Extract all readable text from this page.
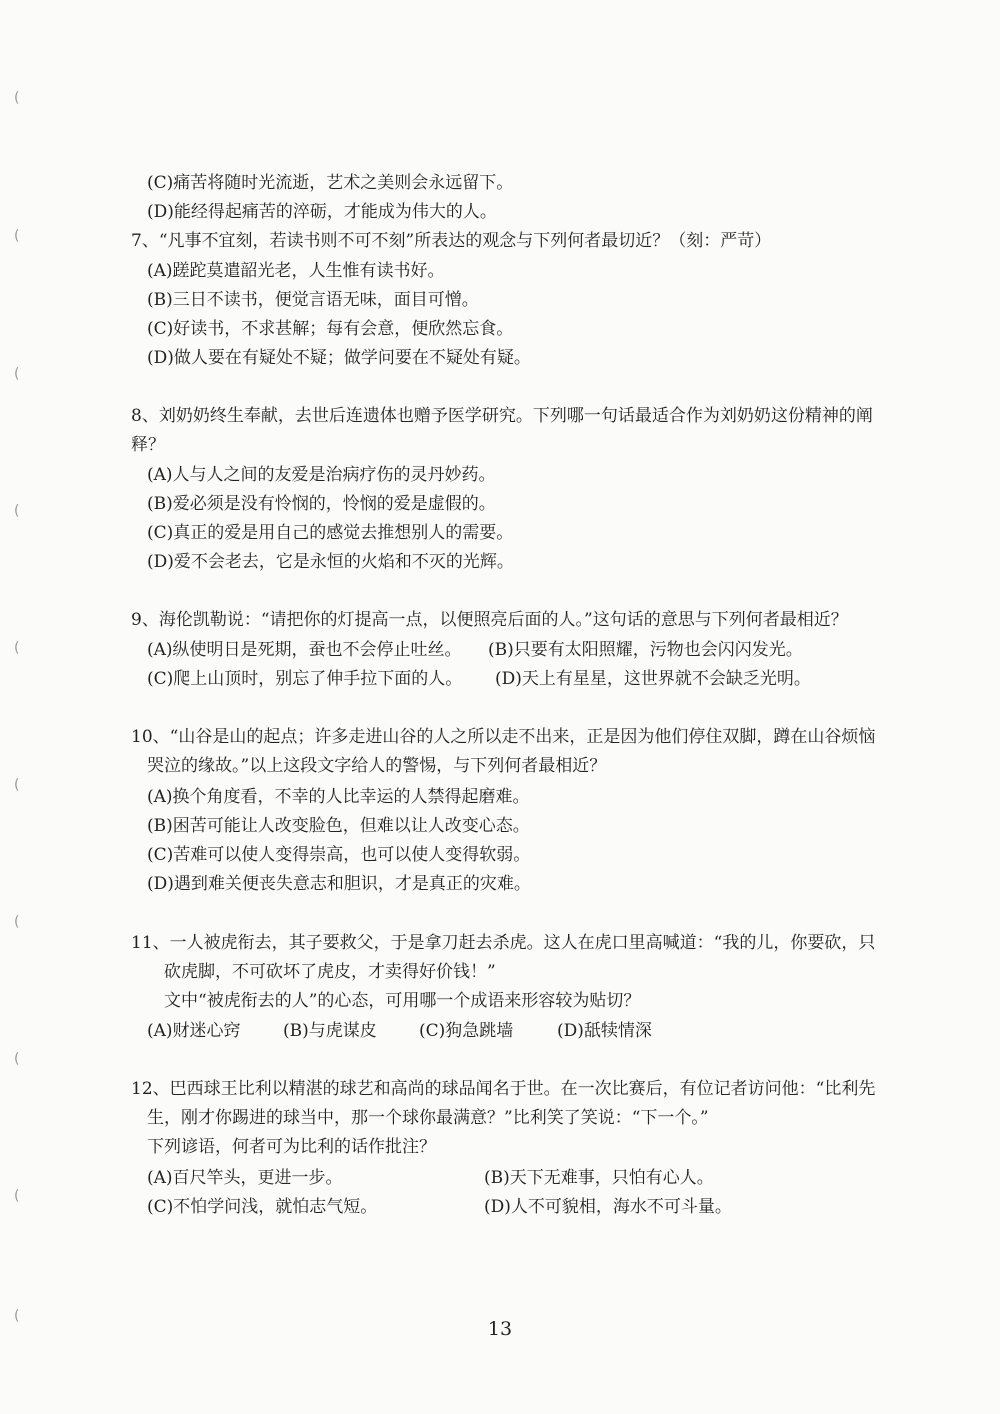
(
(
(
(
(
(
(
(
(
(
(C)痛苦将随时光流逝，艺术之美则会永远留下。
(D)能经得起痛苦的淬砺，才能成为伟大的人。
7、“凡事不宜刻，若读书则不可不刻”所表达的观念与下列何者最切近？（刻：严苛）
(A)蹉跎莫遣韶光老，人生惟有读书好。
(B)三日不读书，便觉言语无味，面目可憎。
(C)好读书，不求甚解；每有会意，便欣然忘食。
(D)做人要在有疑处不疑；做学问要在不疑处有疑。
8、刘奶奶终生奉献，去世后连遗体也赠予医学研究。下列哪一句话最适合作为刘奶奶这份精神的阐
释？
(A)人与人之间的友爱是治病疗伤的灵丹妙药。
(B)爱必须是没有怜悯的，怜悯的爱是虚假的。
(C)真正的爱是用自己的感觉去推想别人的需要。
(D)爱不会老去，它是永恒的火焰和不灭的光辉。
9、海伦凯勒说：“请把你的灯提高一点，以便照亮后面的人。”这句话的意思与下列何者最相近？
(A)纵使明日是死期，蚕也不会停止吐丝。 (B)只要有太阳照耀，污物也会闪闪发光。
(C)爬上山顶时，别忘了伸手拉下面的人。 (D)天上有星星，这世界就不会缺乏光明。
10、“山谷是山的起点；许多走进山谷的人之所以走不出来，正是因为他们停住双脚，蹲在山谷烦恼
哭泣的缘故。”以上这段文字给人的警惕，与下列何者最相近？
(A)换个角度看，不幸的人比幸运的人禁得起磨难。
(B)困苦可能让人改变脸色，但难以让人改变心态。
(C)苦难可以使人变得崇高，也可以使人变得软弱。
(D)遇到难关便丧失意志和胆识，才是真正的灾难。
11、一人被虎衔去，其子要救父，于是拿刀赶去杀虎。这人在虎口里高喊道：“我的儿，你要砍，只
砍虎脚，不可砍坏了虎皮，才卖得好价钱！”
文中“被虎衔去的人”的心态，可用哪一个成语来形容较为贴切？
(A)财迷心窍 (B)与虎谋皮 (C)狗急跳墙	(D)舐犊情深
12、巴西球王比利以精湛的球艺和高尚的球品闻名于世。在一次比赛后，有位记者访问他：“比利先
生，刚才你踢进的球当中，那一个球你最满意？”比利笑了笑说：“下一个。”
下列谚语，何者可为比利的话作批注？
(A)百尺竿头，更进一步。	(B)天下无难事，只怕有心人。
(C)不怕学问浅，就怕志气短。	(D)人不可貌相，海水不可斗量。
13
